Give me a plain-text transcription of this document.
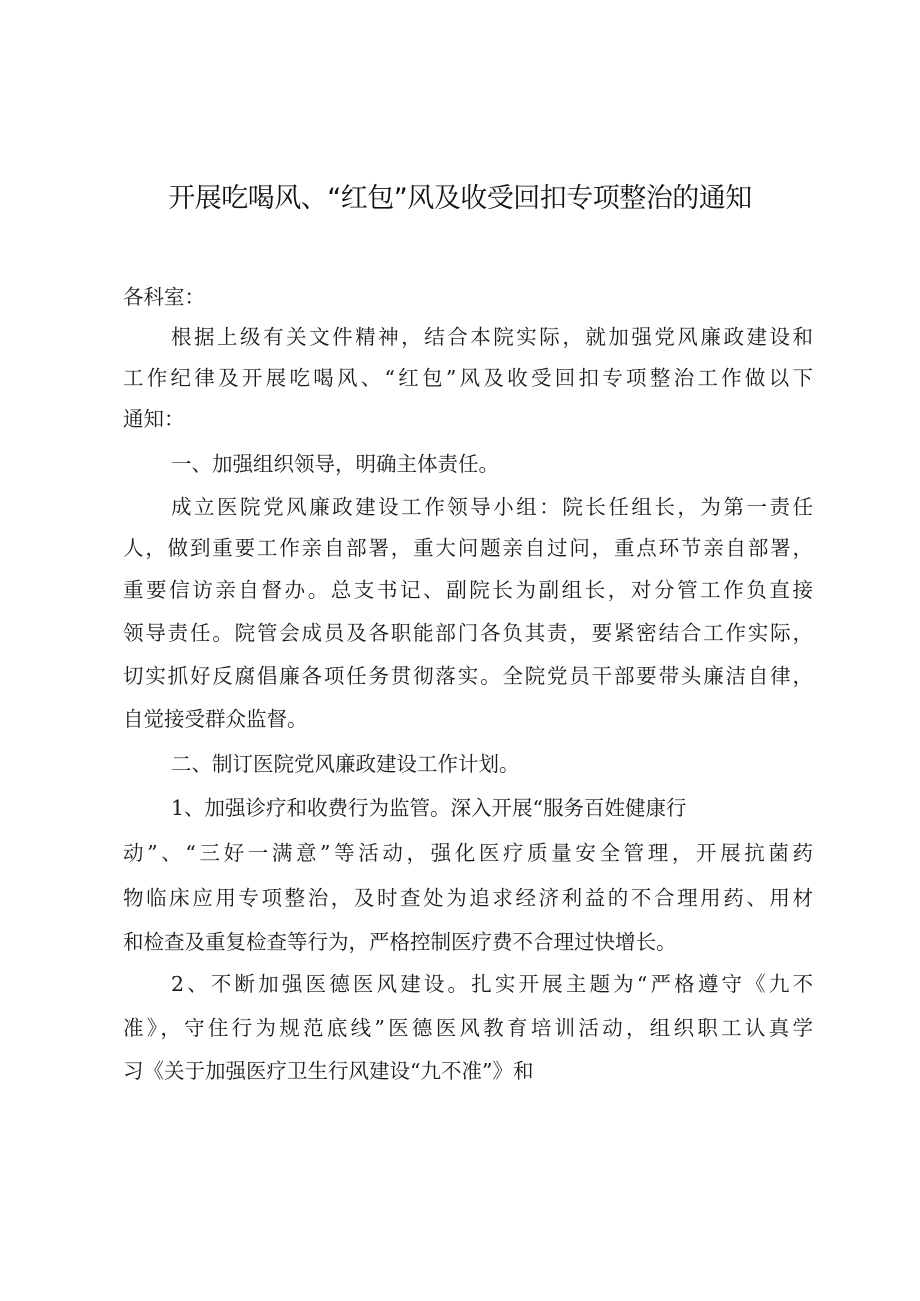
开展吃喝风、“红包”风及收受回扣专项整治的通知
各科室：
根据上级有关文件精神，结合本院实际，就加强党风廉政建设和
工作纪律及开展吃喝风、“红包”风及收受回扣专项整治工作做以下
通知：
一、加强组织领导，明确主体责任。
成立医院党风廉政建设工作领导小组：院长任组长，为第一责任
人，做到重要工作亲自部署，重大问题亲自过问，重点环节亲自部署，
重要信访亲自督办。总支书记、副院长为副组长，对分管工作负直接
领导责任。院管会成员及各职能部门各负其责，要紧密结合工作实际，
切实抓好反腐倡廉各项任务贯彻落实。全院党员干部要带头廉洁自律，
自觉接受群众监督。
二、制订医院党风廉政建设工作计划。
1、加强诊疗和收费行为监管。深入开展“服务百姓健康行
动”、“三好一满意”等活动，强化医疗质量安全管理，开展抗菌药
物临床应用专项整治，及时查处为追求经济利益的不合理用药、用材
和检查及重复检查等行为，严格控制医疗费不合理过快增长。
2、不断加强医德医风建设。扎实开展主题为“严格遵守《九不
准》，守住行为规范底线”医德医风教育培训活动，组织职工认真学
习《关于加强医疗卫生行风建设“九不准”》和
